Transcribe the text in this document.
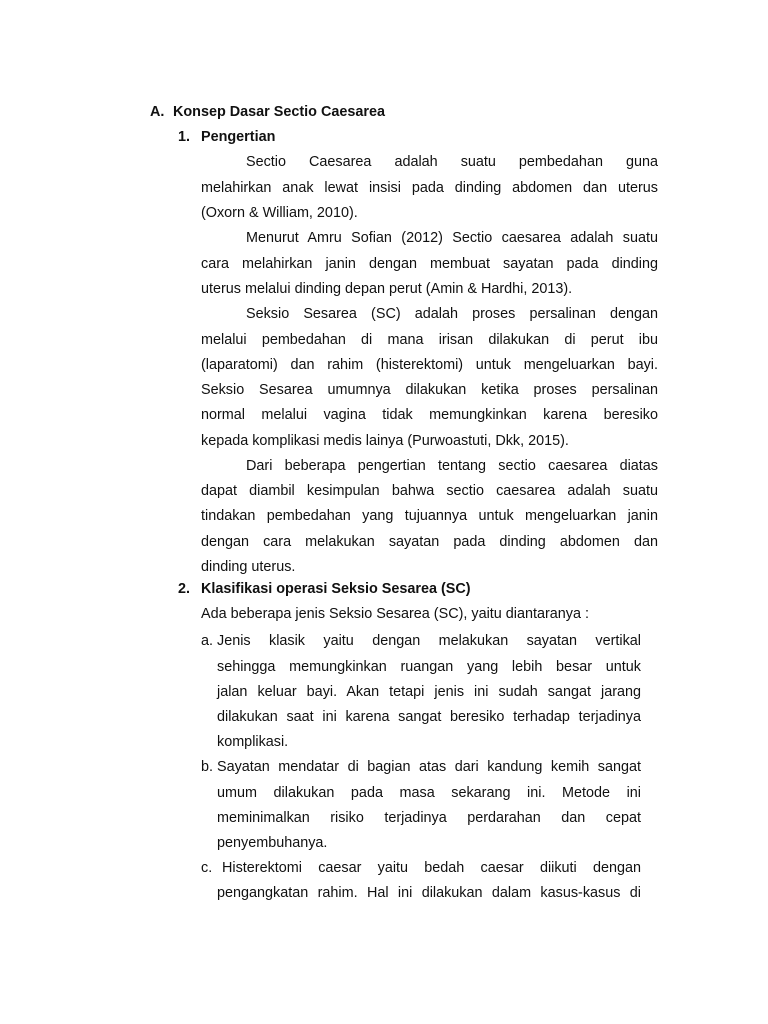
A. Konsep Dasar Sectio Caesarea
1. Pengertian
Sectio Caesarea adalah suatu pembedahan guna
melahirkan anak lewat insisi pada dinding abdomen dan uterus
(Oxorn & William, 2010).
Menurut Amru Sofian (2012) Sectio caesarea adalah suatu
cara melahirkan janin dengan membuat sayatan pada dinding
uterus melalui dinding depan perut (Amin & Hardhi, 2013).
Seksio Sesarea (SC) adalah proses persalinan dengan
melalui pembedahan di mana irisan dilakukan di perut ibu
(laparatomi) dan rahim (histerektomi) untuk mengeluarkan bayi.
Seksio Sesarea umumnya dilakukan ketika proses persalinan
normal melalui vagina tidak memungkinkan karena beresiko
kepada komplikasi medis lainya (Purwoastuti, Dkk, 2015).
Dari beberapa pengertian tentang sectio caesarea diatas
dapat diambil kesimpulan bahwa sectio caesarea adalah suatu
tindakan pembedahan yang tujuannya untuk mengeluarkan janin
dengan cara melakukan sayatan pada dinding abdomen dan
dinding uterus.
2. Klasifikasi operasi Seksio Sesarea (SC)
Ada beberapa jenis Seksio Sesarea (SC), yaitu diantaranya :
a. Jenis klasik yaitu dengan melakukan sayatan vertikal
sehingga memungkinkan ruangan yang lebih besar untuk
jalan keluar bayi. Akan tetapi jenis ini sudah sangat jarang
dilakukan saat ini karena sangat beresiko terhadap terjadinya
komplikasi.
b. Sayatan mendatar di bagian atas dari kandung kemih sangat
umum dilakukan pada masa sekarang ini. Metode ini
meminimalkan risiko terjadinya perdarahan dan cepat
penyembuhanya.
c. Histerektomi caesar yaitu bedah caesar diikuti dengan
pengangkatan rahim. Hal ini dilakukan dalam kasus-kasus di
